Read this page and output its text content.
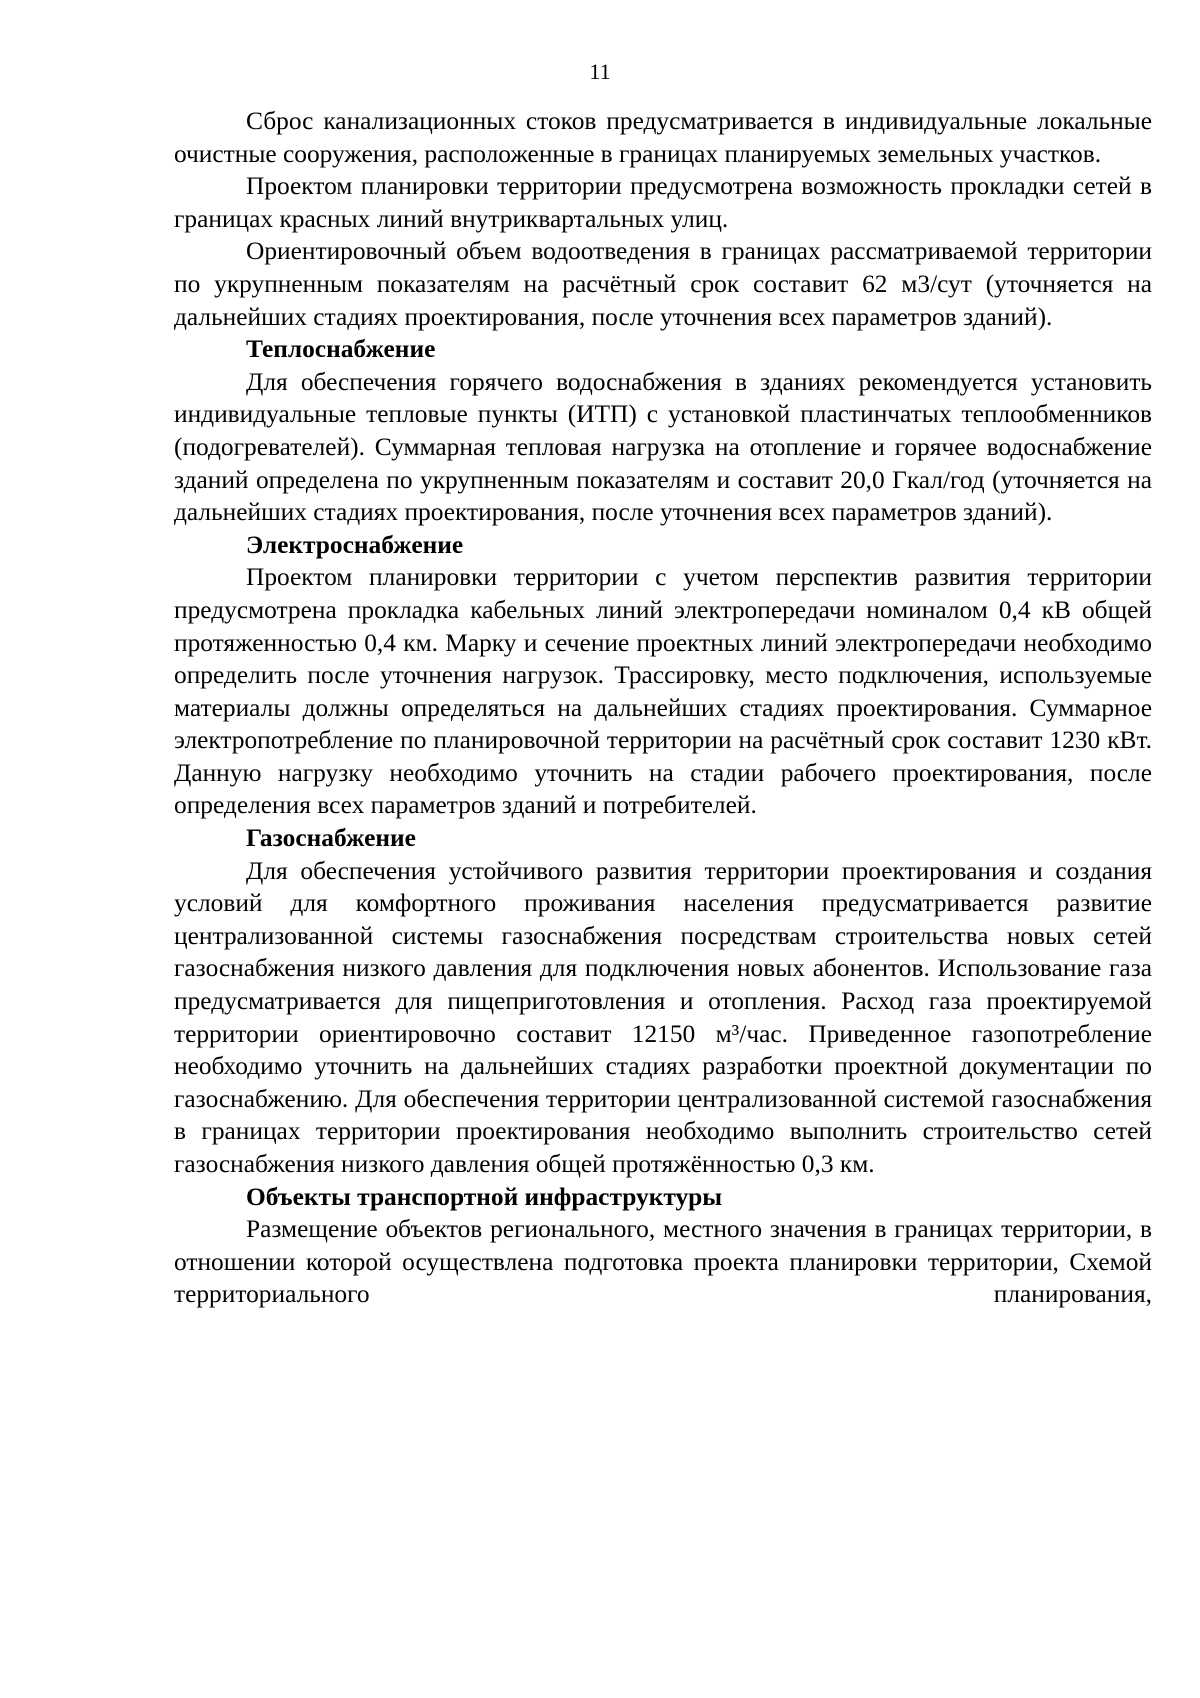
11

Сброс канализационных стоков предусматривается в индивидуальные локальные очистные сооружения, расположенные в границах планируемых земельных участков.

Проектом планировки территории предусмотрена возможность прокладки сетей в границах красных линий внутриквартальных улиц.

Ориентировочный объем водоотведения в границах рассматриваемой территории по укрупненным показателям на расчётный срок составит 62 м3/сут (уточняется на дальнейших стадиях проектирования, после уточнения всех параметров зданий).

Теплоснабжение

Для обеспечения горячего водоснабжения в зданиях рекомендуется установить индивидуальные тепловые пункты (ИТП) с установкой пластинчатых теплообменников (подогревателей). Суммарная тепловая нагрузка на отопление и горячее водоснабжение зданий определена по укрупненным показателям и составит 20,0 Гкал/год (уточняется на дальнейших стадиях проектирования, после уточнения всех параметров зданий).

Электроснабжение

Проектом планировки территории с учетом перспектив развития территории предусмотрена прокладка кабельных линий электропередачи номиналом 0,4 кВ общей протяженностью 0,4 км. Марку и сечение проектных линий электропередачи необходимо определить после уточнения нагрузок. Трассировку, место подключения, используемые материалы должны определяться на дальнейших стадиях проектирования. Суммарное электропотребление по планировочной территории на расчётный срок составит 1230 кВт. Данную нагрузку необходимо уточнить на стадии рабочего проектирования, после определения всех параметров зданий и потребителей.

Газоснабжение

Для обеспечения устойчивого развития территории проектирования и создания условий для комфортного проживания населения предусматривается развитие централизованной системы газоснабжения посредствам строительства новых сетей газоснабжения низкого давления для подключения новых абонентов. Использование газа предусматривается для пищеприготовления и отопления. Расход газа проектируемой территории ориентировочно составит 12150 м³/час. Приведенное газопотребление необходимо уточнить на дальнейших стадиях разработки проектной документации по газоснабжению. Для обеспечения территории централизованной системой газоснабжения в границах территории проектирования необходимо выполнить строительство сетей газоснабжения низкого давления общей протяжённостью 0,3 км.

Объекты транспортной инфраструктуры

Размещение объектов регионального, местного значения в границах территории, в отношении которой осуществлена подготовка проекта планировки территории, Схемой территориального планирования,
